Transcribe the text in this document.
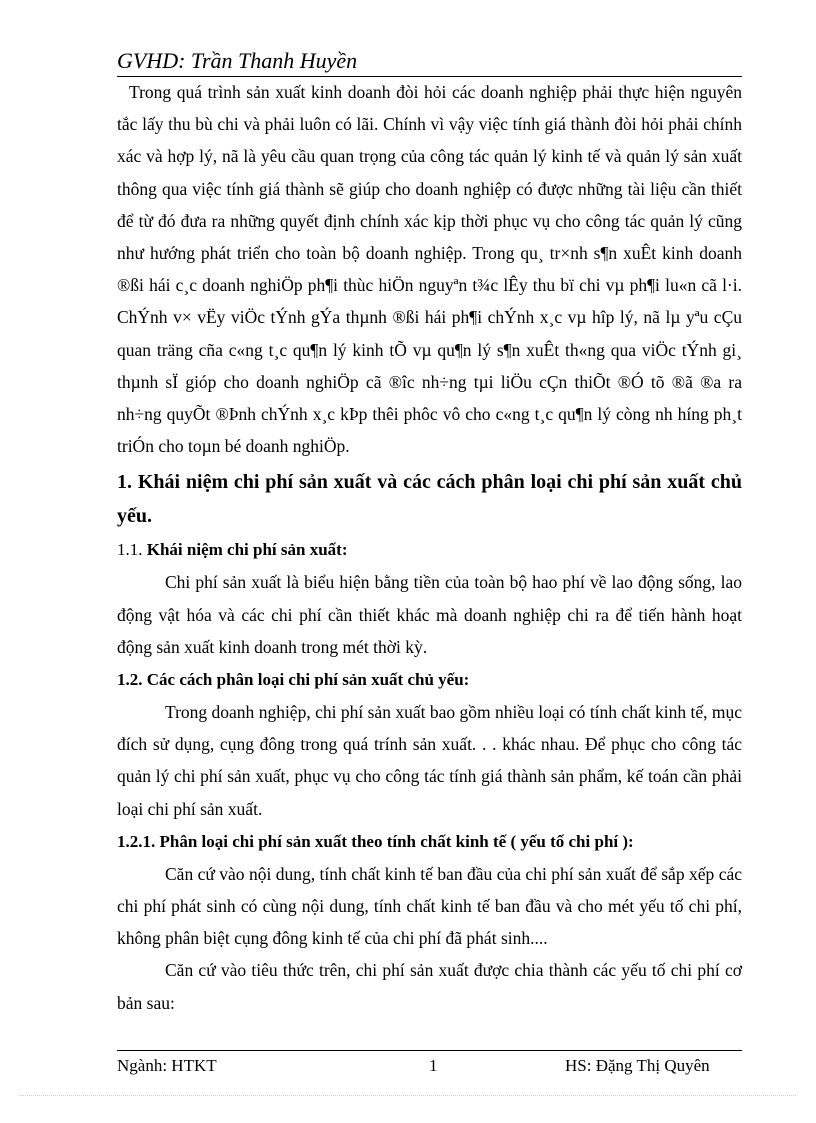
GVHD: Trần Thanh Huyền

Trong quá trình sản xuất kinh doanh đòi hỏi các doanh nghiệp phải thực hiện nguyên tắc lấy thu bù chi và phải luôn có lãi. Chính vì vậy việc tính giá thành đòi hỏi phải chính xác và hợp lý, nã là yêu cầu quan trọng của công tác quản lý kinh tế và quản lý sản xuất thông qua việc tính giá thành sẽ giúp cho doanh nghiệp có được những tài liệu cần thiết để từ đó đưa ra những quyết định chính xác kịp thời phục vụ cho công tác quản lý cũng như hướng phát triển cho toàn bộ doanh nghiệp. Trong qu¸ tr×nh s¶n xuÊt kinh doanh ®ßi hái c¸c doanh nghiÖp ph¶i thùc hiÖn nguyªn t¾c lÊy thu bï chi vµ ph¶i lu«n cã l·i. ChÝnh v× vËy viÖc tÝnh gÝa thµnh ®ßi hái ph¶i chÝnh x¸c vµ hîp lý, nã lµ yªu cÇu quan träng cña c«ng t¸c qu¶n lý kinh tÕ vµ qu¶n lý s¶n xuÊt th«ng qua viÖc tÝnh gi¸ thµnh sÏ gióp cho doanh nghiÖp cã ®îc nh÷ng tµi liÖu cÇn thiÕt ®Ó tõ ®ã ®a ra nh÷ng quyÕt ®Þnh chÝnh x¸c kÞp thêi phôc vô cho c«ng t¸c qu¶n lý còng nh híng ph¸t triÓn cho toµn bé doanh nghiÖp.

1. Khái niệm chi phí sản xuất và các cách phân loại chi phí sản xuất chủ yếu.

1.1. Khái niệm chi phí sản xuất:

Chi phí sản xuất là biểu hiện bằng tiền của toàn bộ hao phí về lao động sống, lao động vật hóa và các chi phí cần thiết khác mà doanh nghiệp chi ra để tiến hành hoạt động sản xuất kinh doanh trong mét thời kỳ.

1.2. Các cách phân loại chi phí sản xuất chủ yếu:

Trong doanh nghiệp, chi phí sản xuất bao gồm nhiều loại có tính chất kinh tế, mục đích sử dụng, cụng đông trong quá trính sản xuất. . . khác nhau. Để phục cho công tác quản lý chi phí sản xuất, phục vụ cho công tác tính giá thành sản phẩm, kế toán cần phải loại chi phí sản xuất.

1.2.1. Phân loại chi phí sản xuất theo tính chất kinh tế ( yếu tố chi phí ):

Căn cứ vào nội dung, tính chất kinh tế ban đầu của chi phí sản xuất để sắp xếp các chi phí phát sinh có cùng nội dung, tính chất kinh tế ban đầu và cho mét yếu tố chi phí, không phân biệt cụng đông kinh tế của chi phí đã phát sinh....

Căn cứ vào tiêu thức trên, chi phí sản xuất được chia thành các yếu tố chi phí cơ bản sau:

Ngành: HTKT	1	HS: Đặng Thị Quyên
